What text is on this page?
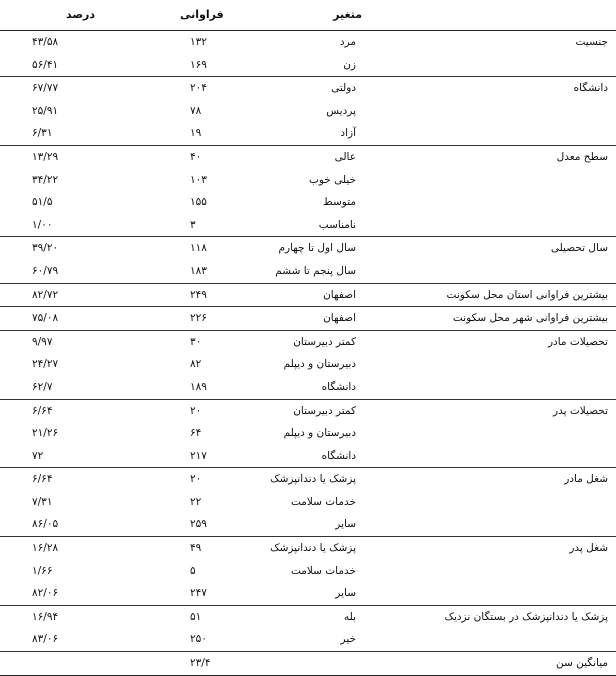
متغیر
فراوانی
درصد
جنسیت
مرد
۱۳۲
۴۳/۵۸
زن
۱۶۹
۵۶/۴۱
دانشگاه
دولتی
۲۰۴
۶۷/۷۷
پردیس
۷۸
۲۵/۹۱
آزاد
۱۹
۶/۳۱
سطح معدل
عالی
۴۰
۱۳/۲۹
خیلی خوب
۱۰۳
۳۴/۲۲
متوسط
۱۵۵
۵۱/۵
نامناسب
۳
۱/۰۰
سال تحصیلی
سال اول تا چهارم
۱۱۸
۳۹/۲۰
سال پنجم تا ششم
۱۸۳
۶۰/۷۹
بیشترین فراوانی استان محل سکونت
اصفهان
۲۴۹
۸۲/۷۲
بیشترین فراوانی شهر محل سکونت
اصفهان
۲۲۶
۷۵/۰۸
تحصیلات مادر
کمتر دبیرستان
۳۰
۹/۹۷
دبیرستان و دیپلم
۸۲
۲۴/۲۷
دانشگاه
۱۸۹
۶۲/۷
تحصیلات پدر
کمتر دبیرستان
۲۰
۶/۶۴
دبیرستان و دیپلم
۶۴
۲۱/۲۶
دانشگاه
۲۱۷
۷۲
شغل مادر
پزشک یا دندانپزشک
۲۰
۶/۶۴
خدمات سلامت
۲۲
۷/۳۱
سایر
۲۵۹
۸۶/۰۵
شغل پدر
پزشک یا دندانپزشک
۴۹
۱۶/۲۸
خدمات سلامت
۵
۱/۶۶
سایر
۲۴۷
۸۲/۰۶
پزشک یا دندانپزشک در بستگان نزدیک
بله
۵۱
۱۶/۹۴
خیر
۲۵۰
۸۳/۰۶
میانگین سن
۲۳/۴
